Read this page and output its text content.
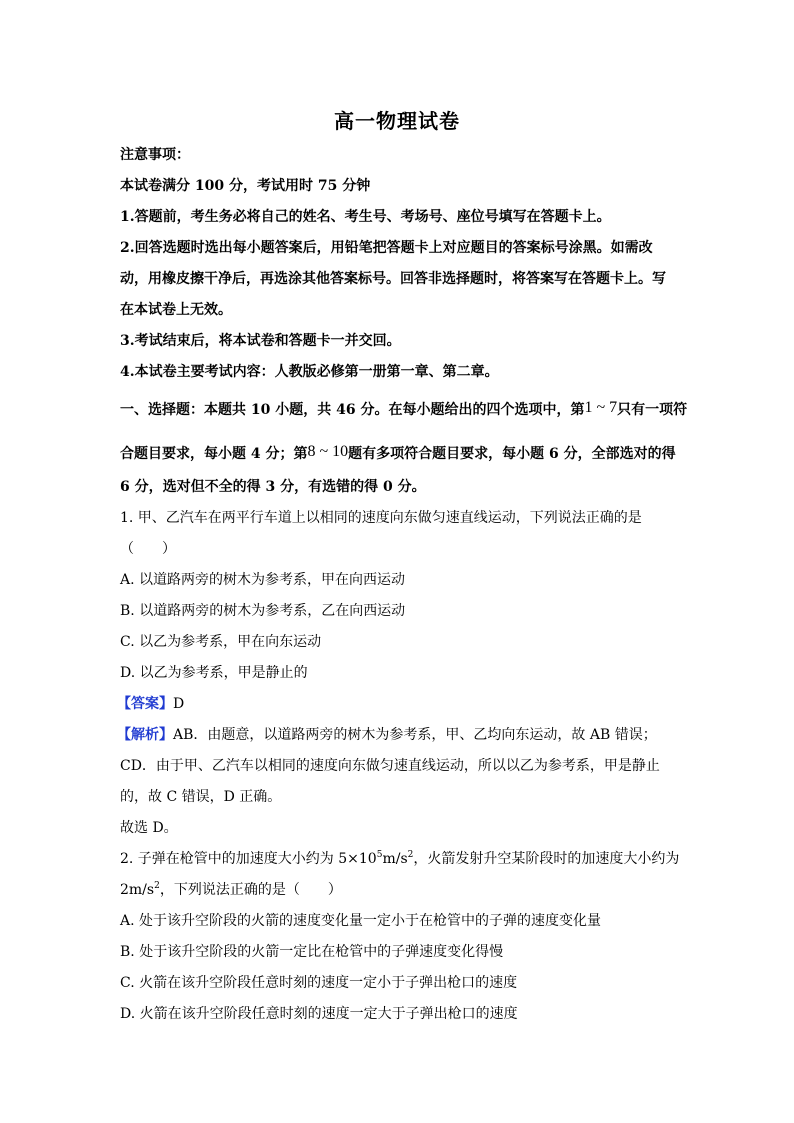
高一物理试卷
注意事项：
本试卷满分 100 分，考试用时 75 分钟
1.答题前，考生务必将自己的姓名、考生号、考场号、座位号填写在答题卡上。
2.回答选题时选出每小题答案后，用铅笔把答题卡上对应题目的答案标号涂黑。如需改
动，用橡皮擦干净后，再选涂其他答案标号。回答非选择题时，将答案写在答题卡上。写
在本试卷上无效。
3.考试结束后，将本试卷和答题卡一并交回。
4.本试卷主要考试内容：人教版必修第一册第一章、第二章。
一、选择题：本题共 10 小题，共 46 分。在每小题给出的四个选项中，第1 ~ 7只有一项符
合题目要求，每小题 4 分；第8 ~ 10题有多项符合题目要求，每小题 6 分，全部选对的得
6 分，选对但不全的得 3 分，有选错的得 0 分。
1. 甲、乙汽车在两平行车道上以相同的速度向东做匀速直线运动，下列说法正确的是
（　　）
A. 以道路两旁的树木为参考系，甲在向西运动
B. 以道路两旁的树木为参考系，乙在向西运动
C. 以乙为参考系，甲在向东运动
D. 以乙为参考系，甲是静止的
【答案】D
【解析】AB．由题意，以道路两旁的树木为参考系，甲、乙均向东运动，故 AB 错误；
CD．由于甲、乙汽车以相同的速度向东做匀速直线运动，所以以乙为参考系，甲是静止
的，故 C 错误，D 正确。
故选 D。
2. 子弹在枪管中的加速度大小约为 $5\times 10^5m/s^2$，火箭发射升空某阶段时的加速度大小约为
$2m/s^2$，下列说法正确的是（　　）
A. 处于该升空阶段的火箭的速度变化量一定小于在枪管中的子弹的速度变化量
B. 处于该升空阶段的火箭一定比在枪管中的子弹速度变化得慢
C. 火箭在该升空阶段任意时刻的速度一定小于子弹出枪口的速度
D. 火箭在该升空阶段任意时刻的速度一定大于子弹出枪口的速度
